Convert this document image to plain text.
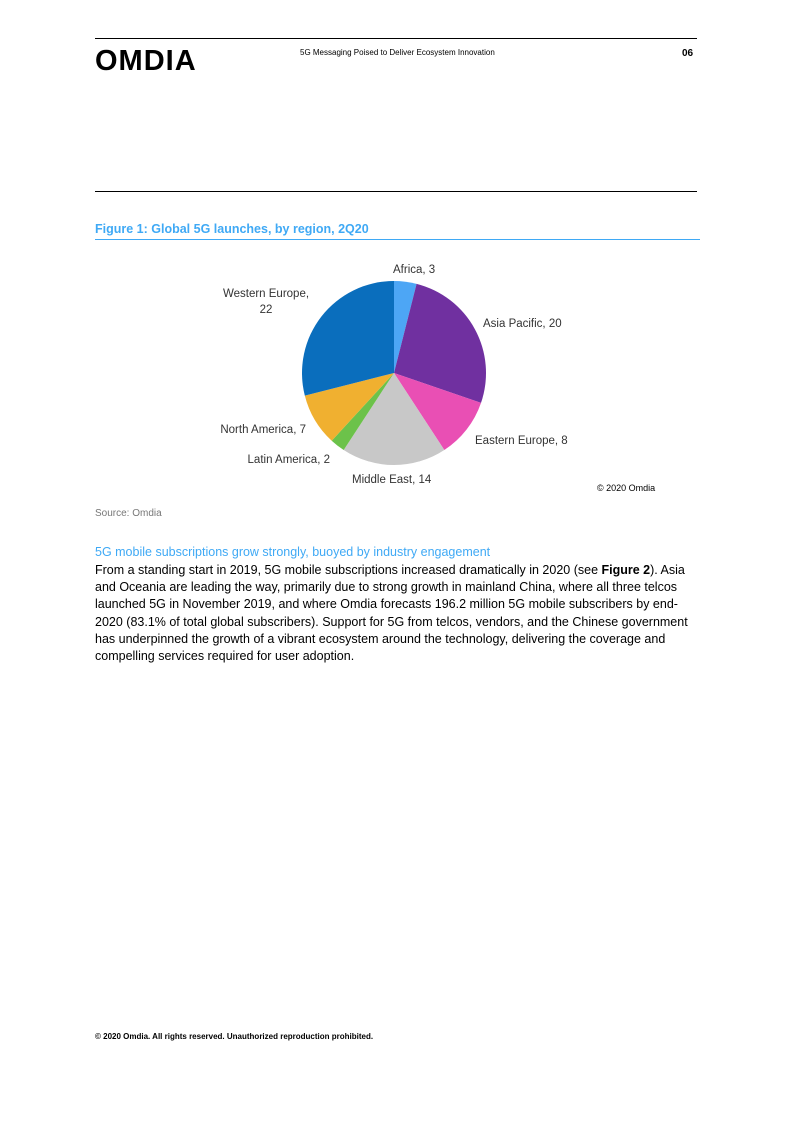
OMDIA	5G Messaging Poised to Deliver Ecosystem Innovation	06
Figure 1: Global 5G launches, by region, 2Q20
Africa, 3
Asia Pacific, 20
Eastern Europe, 8
Middle East, 14
Latin America, 2
North America, 7
Western Europe,
22
© 2020 Omdia
Source: Omdia
5G mobile subscriptions grow strongly, buoyed by industry engagement
From a standing start in 2019, 5G mobile subscriptions increased dramatically in 2020 (see Figure 2). Asia and Oceania are leading the way, primarily due to strong growth in mainland China, where all three telcos launched 5G in November 2019, and where Omdia forecasts 196.2 million 5G mobile subscribers by end-2020 (83.1% of total global subscribers). Support for 5G from telcos, vendors, and the Chinese government has underpinned the growth of a vibrant ecosystem around the technology, delivering the coverage and compelling services required for user adoption.
© 2020 Omdia. All rights reserved. Unauthorized reproduction prohibited.
